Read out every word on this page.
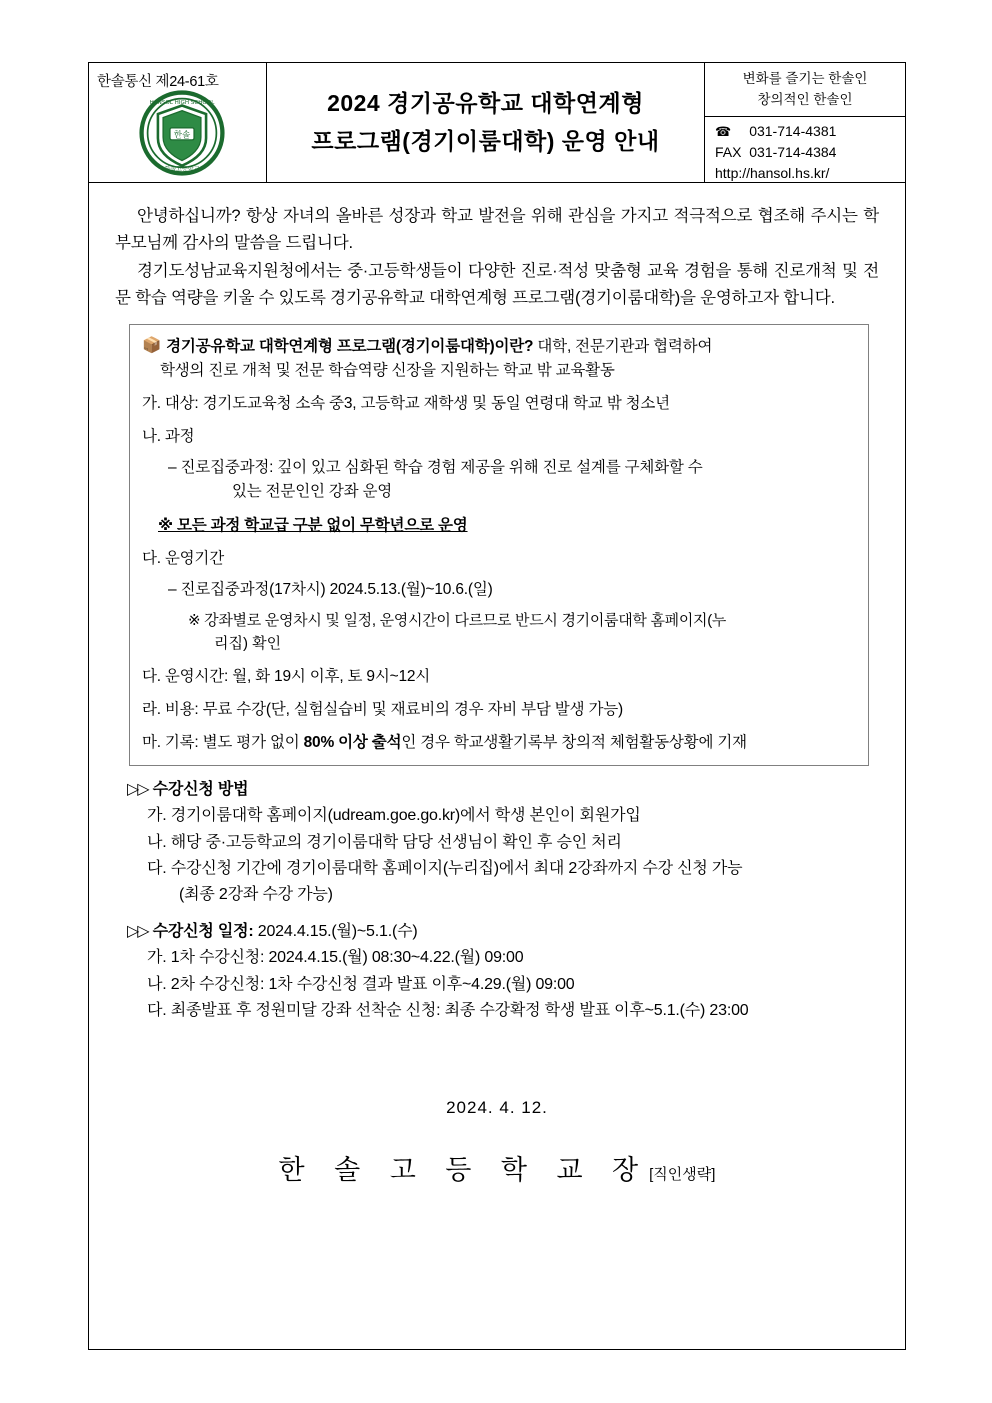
한솔통신 제24-61호
한솔
HANSOL HIGH SCHOOL
한솔고등학교
2024 경기공유학교 대학연계형
프로그램(경기이룸대학) 운영 안내
변화를 즐기는 한솔인
창의적인 한솔인
☎ 031-714-4381
FAX 031-714-4384
http://hansol.hs.kr/

안녕하십니까? 항상 자녀의 올바른 성장과 학교 발전을 위해 관심을 가지고 적극적으로 협조해 주시는 학부모님께 감사의 말씀을 드립니다.

경기도성남교육지원청에서는 중·고등학생들이 다양한 진로·적성 맞춤형 교육 경험을 통해 진로개척 및 전문 학습 역량을 키울 수 있도록 경기공유학교 대학연계형 프로그램(경기이룸대학)을 운영하고자 합니다.

📦 경기공유학교 대학연계형 프로그램(경기이룸대학)이란? 대학, 전문기관과 협력하여
학생의 진로 개척 및 전문 학습역량 신장을 지원하는 학교 밖 교육활동
가. 대상: 경기도교육청 소속 중3, 고등학교 재학생 및 동일 연령대 학교 밖 청소년
나. 과정
– 진로집중과정: 깊이 있고 심화된 학습 경험 제공을 위해 진로 설계를 구체화할 수
있는 전문인인 강좌 운영
※ 모든 과정 학교급 구분 없이 무학년으로 운영
다. 운영기간
– 진로집중과정(17차시) 2024.5.13.(월)~10.6.(일)
※ 강좌별로 운영차시 및 일정, 운영시간이 다르므로 반드시 경기이룸대학 홈페이지(누
리집) 확인
다. 운영시간: 월, 화 19시 이후, 토 9시~12시
라. 비용: 무료 수강(단, 실험실습비 및 재료비의 경우 자비 부담 발생 가능)
마. 기록: 별도 평가 없이 80% 이상 출석인 경우 학교생활기록부 창의적 체험활동상황에 기재
▷▷ 수강신청 방법
가. 경기이룸대학 홈페이지(udream.goe.go.kr)에서 학생 본인이 회원가입
나. 해당 중·고등학교의 경기이룸대학 담당 선생님이 확인 후 승인 처리
다. 수강신청 기간에 경기이룸대학 홈페이지(누리집)에서 최대 2강좌까지 수강 신청 가능
(최종 2강좌 수강 가능)
▷▷ 수강신청 일정: 2024.4.15.(월)~5.1.(수)
가. 1차 수강신청: 2024.4.15.(월) 08:30~4.22.(월) 09:00
나. 2차 수강신청: 1차 수강신청 결과 발표 이후~4.29.(월) 09:00
다. 최종발표 후 정원미달 강좌 선착순 신청: 최종 수강확정 학생 발표 이후~5.1.(수) 23:00
2024. 4. 12.
한 솔 고 등 학 교 장[직인생략]
